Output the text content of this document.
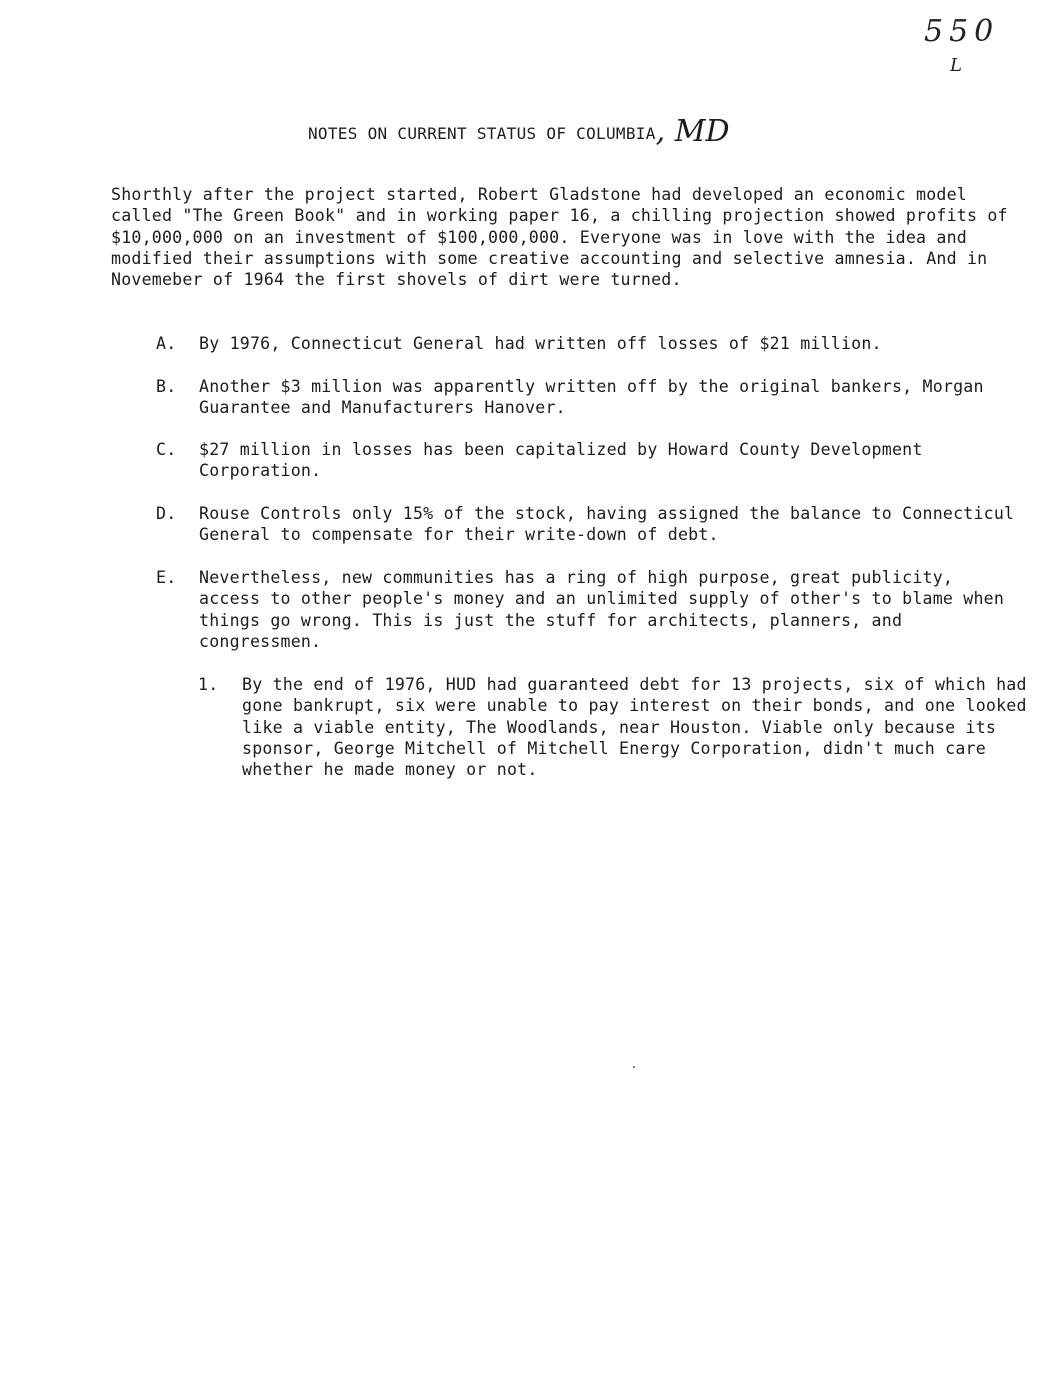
550
L
NOTES ON CURRENT STATUS OF COLUMBIA, MD
Shorthly after the project started, Robert Gladstone had developed an economic model called "The Green Book" and in working paper 16, a chilling projection showed profits of $10,000,000 on an investment of $100,000,000. Everyone was in love with the idea and modified their assumptions with some creative accounting and selective amnesia. And in Novemeber of 1964 the first shovels of dirt were turned.
A. By 1976, Connecticut General had written off losses of $21 million.
B. Another $3 million was apparently written off by the original bankers, Morgan Guarantee and Manufacturers Hanover.
C. $27 million in losses has been capitalized by Howard County Development Corporation.
D. Rouse Controls only 15% of the stock, having assigned the balance to Connecticul General to compensate for their write-down of debt.
E. Nevertheless, new communities has a ring of high purpose, great publicity, access to other people's money and an unlimited supply of other's to blame when things go wrong. This is just the stuff for architects, planners, and congressmen.
1. By the end of 1976, HUD had guaranteed debt for 13 projects, six of which had gone bankrupt, six were unable to pay interest on their bonds, and one looked like a viable entity, The Woodlands, near Houston. Viable only because its sponsor, George Mitchell of Mitchell Energy Corporation, didn't much care whether he made money or not.
